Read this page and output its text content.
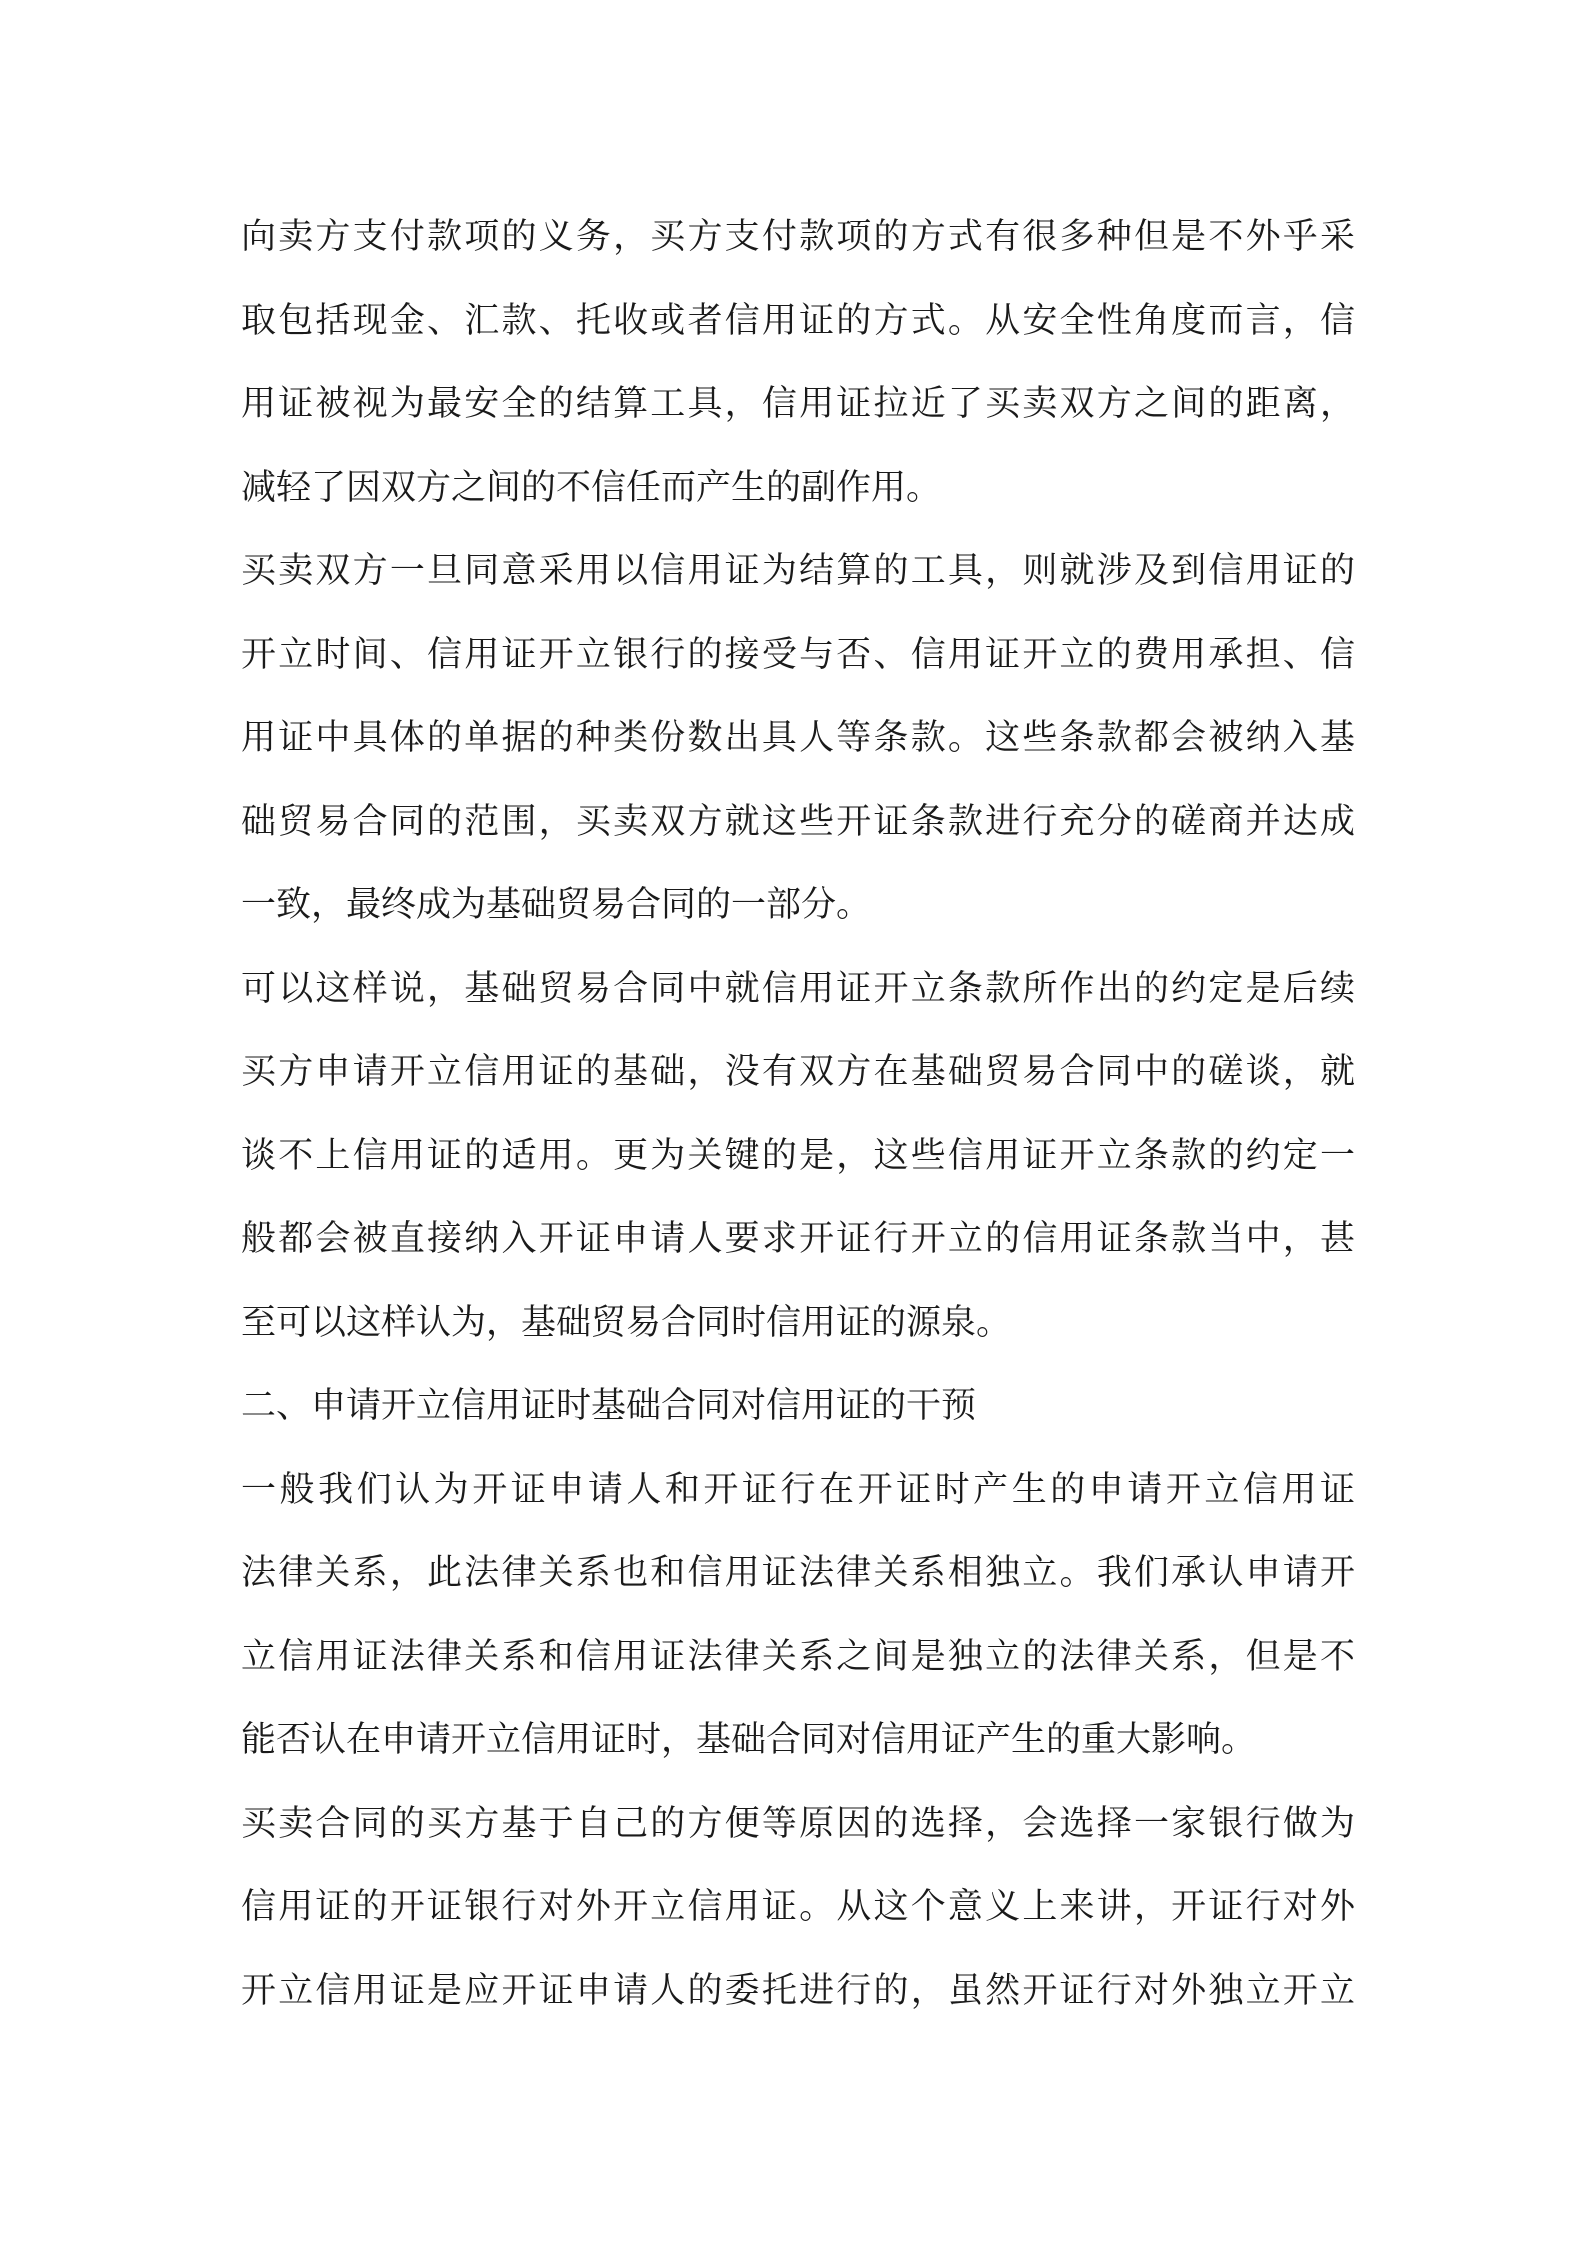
向卖方支付款项的义务，买方支付款项的方式有很多种但是不外乎采
取包括现金、汇款、托收或者信用证的方式。从安全性角度而言，信
用证被视为最安全的结算工具，信用证拉近了买卖双方之间的距离，
减轻了因双方之间的不信任而产生的副作用。
买卖双方一旦同意采用以信用证为结算的工具，则就涉及到信用证的
开立时间、信用证开立银行的接受与否、信用证开立的费用承担、信
用证中具体的单据的种类份数出具人等条款。这些条款都会被纳入基
础贸易合同的范围，买卖双方就这些开证条款进行充分的磋商并达成
一致，最终成为基础贸易合同的一部分。
可以这样说，基础贸易合同中就信用证开立条款所作出的约定是后续
买方申请开立信用证的基础，没有双方在基础贸易合同中的磋谈，就
谈不上信用证的适用。更为关键的是，这些信用证开立条款的约定一
般都会被直接纳入开证申请人要求开证行开立的信用证条款当中，甚
至可以这样认为，基础贸易合同时信用证的源泉。
二、申请开立信用证时基础合同对信用证的干预
一般我们认为开证申请人和开证行在开证时产生的申请开立信用证
法律关系，此法律关系也和信用证法律关系相独立。我们承认申请开
立信用证法律关系和信用证法律关系之间是独立的法律关系，但是不
能否认在申请开立信用证时，基础合同对信用证产生的重大影响。
买卖合同的买方基于自己的方便等原因的选择，会选择一家银行做为
信用证的开证银行对外开立信用证。从这个意义上来讲，开证行对外
开立信用证是应开证申请人的委托进行的，虽然开证行对外独立开立
